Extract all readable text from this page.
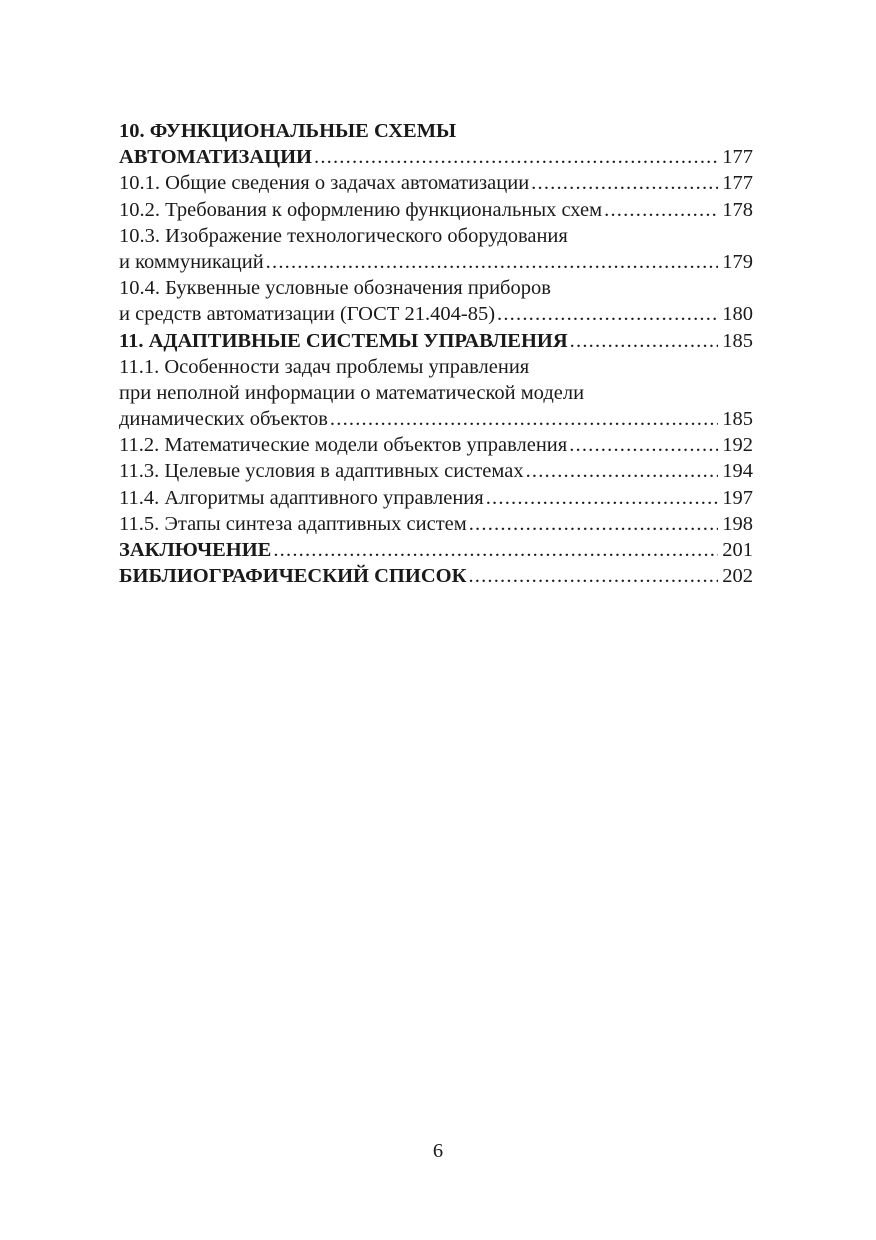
10. ФУНКЦИОНАЛЬНЫЕ СХЕМЫ
АВТОМАТИЗАЦИИ .....	177
10.1. Общие сведения о задачах автоматизации .....	177
10.2. Требования к оформлению функциональных схем .....	178
10.3. Изображение технологического оборудования
и коммуникаций .....	179
10.4. Буквенные условные обозначения приборов
и средств автоматизации (ГОСТ 21.404-85) .....	180
11. АДАПТИВНЫЕ СИСТЕМЫ УПРАВЛЕНИЯ .....	185
11.1. Особенности задач проблемы управления
при неполной информации о математической модели
динамических объектов .....	185
11.2. Математические модели объектов управления .....	192
11.3. Целевые условия в адаптивных системах .....	194
11.4. Алгоритмы адаптивного управления .....	197
11.5. Этапы синтеза адаптивных систем .....	198
ЗАКЛЮЧЕНИЕ .....	201
БИБЛИОГРАФИЧЕСКИЙ СПИСОК .....	202
6
